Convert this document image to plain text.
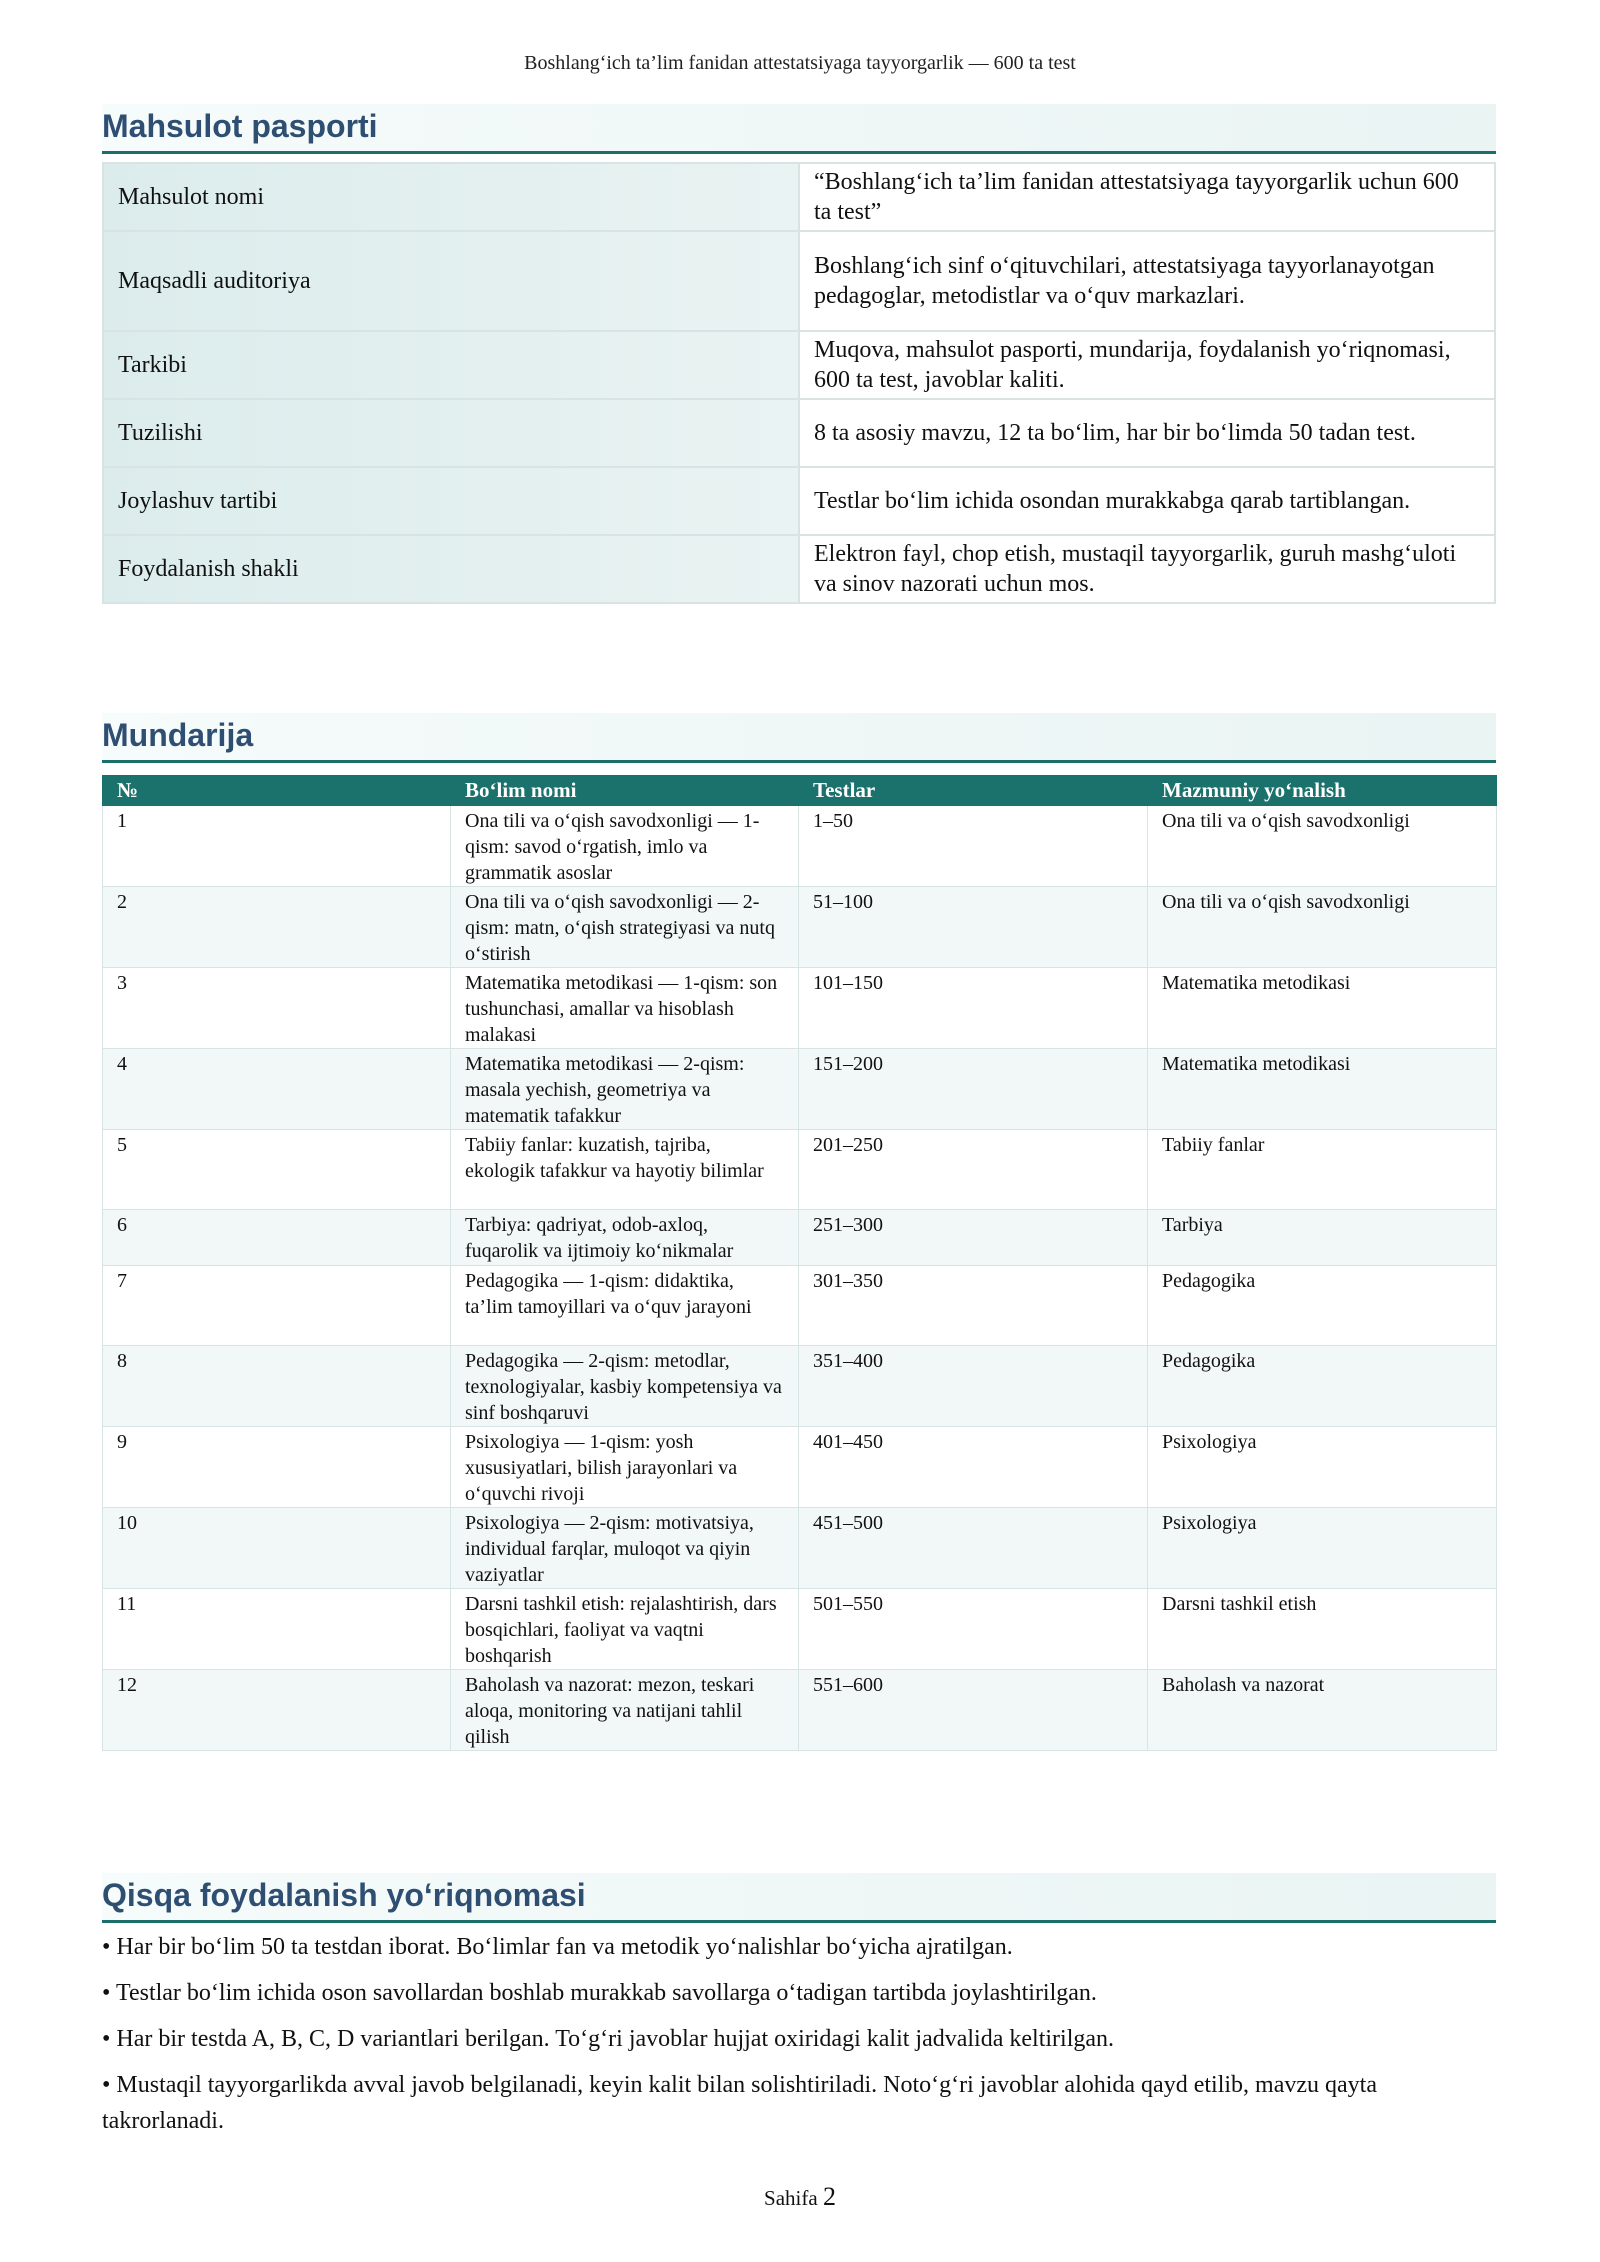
Boshlang‘ich ta’lim fanidan attestatsiyaga tayyorgarlik — 600 ta test
Mahsulot pasporti
Mahsulot nomi	“Boshlang‘ich ta’lim fanidan attestatsiyaga tayyorgarlik uchun 600 ta test”
Maqsadli auditoriya	Boshlang‘ich sinf o‘qituvchilari, attestatsiyaga tayyorlanayotgan pedagoglar, metodistlar va o‘quv markazlari.
Tarkibi	Muqova, mahsulot pasporti, mundarija, foydalanish yo‘riqnomasi, 600 ta test, javoblar kaliti.
Tuzilishi	8 ta asosiy mavzu, 12 ta bo‘lim, har bir bo‘limda 50 tadan test.
Joylashuv tartibi	Testlar bo‘lim ichida osondan murakkabga qarab tartiblangan.
Foydalanish shakli	Elektron fayl, chop etish, mustaqil tayyorgarlik, guruh mashg‘uloti va sinov nazorati uchun mos.
Mundarija
№	Bo‘lim nomi	Testlar	Mazmuniy yo‘nalish
1	Ona tili va o‘qish savodxonligi — 1-qism: savod o‘rgatish, imlo va grammatik asoslar	1–50	Ona tili va o‘qish savodxonligi
2	Ona tili va o‘qish savodxonligi — 2-qism: matn, o‘qish strategiyasi va nutq o‘stirish	51–100	Ona tili va o‘qish savodxonligi
3	Matematika metodikasi — 1-qism: son tushunchasi, amallar va hisoblash malakasi	101–150	Matematika metodikasi
4	Matematika metodikasi — 2-qism: masala yechish, geometriya va matematik tafakkur	151–200	Matematika metodikasi
5	Tabiiy fanlar: kuzatish, tajriba, ekologik tafakkur va hayotiy bilimlar	201–250	Tabiiy fanlar
6	Tarbiya: qadriyat, odob-axloq, fuqarolik va ijtimoiy ko‘nikmalar	251–300	Tarbiya
7	Pedagogika — 1-qism: didaktika, ta’lim tamoyillari va o‘quv jarayoni	301–350	Pedagogika
8	Pedagogika — 2-qism: metodlar, texnologiyalar, kasbiy kompetensiya va sinf boshqaruvi	351–400	Pedagogika
9	Psixologiya — 1-qism: yosh xususiyatlari, bilish jarayonlari va o‘quvchi rivoji	401–450	Psixologiya
10	Psixologiya — 2-qism: motivatsiya, individual farqlar, muloqot va qiyin vaziyatlar	451–500	Psixologiya
11	Darsni tashkil etish: rejalashtirish, dars bosqichlari, faoliyat va vaqtni boshqarish	501–550	Darsni tashkil etish
12	Baholash va nazorat: mezon, teskari aloqa, monitoring va natijani tahlil qilish	551–600	Baholash va nazorat
Qisqa foydalanish yo‘riqnomasi

• Har bir bo‘lim 50 ta testdan iborat. Bo‘limlar fan va metodik yo‘nalishlar bo‘yicha ajratilgan.

• Testlar bo‘lim ichida oson savollardan boshlab murakkab savollarga o‘tadigan tartibda joylashtirilgan.

• Har bir testda A, B, C, D variantlari berilgan. To‘g‘ri javoblar hujjat oxiridagi kalit jadvalida keltirilgan.

• Mustaqil tayyorgarlikda avval javob belgilanadi, keyin kalit bilan solishtiriladi. Noto‘g‘ri javoblar alohida qayd etilib, mavzu qayta takrorlanadi.

Sahifa 2
